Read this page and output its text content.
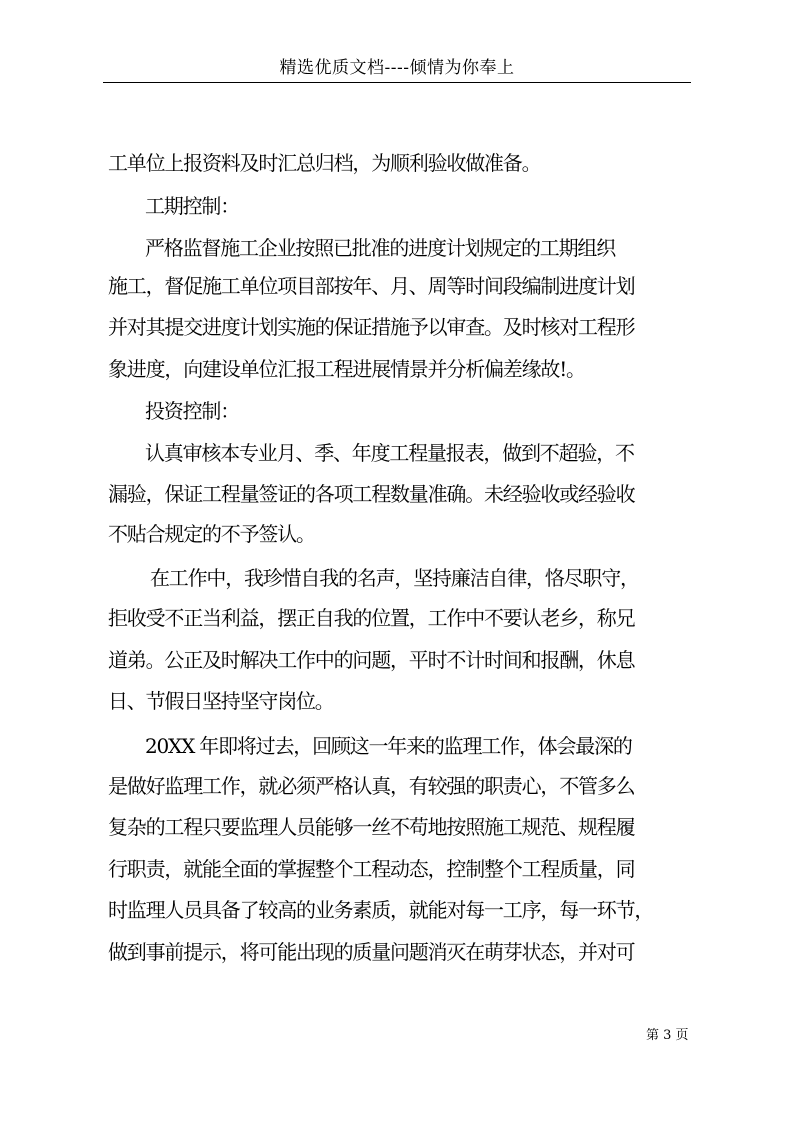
精选优质文档----倾情为你奉上
工单位上报资料及时汇总归档，为顺利验收做准备。
工期控制：
严格监督施工企业按照已批准的进度计划规定的工期组织
施工，督促施工单位项目部按年、月、周等时间段编制进度计划
并对其提交进度计划实施的保证措施予以审查。及时核对工程形
象进度，向建设单位汇报工程进展情景并分析偏差缘故!。
投资控制：
认真审核本专业月、季、年度工程量报表，做到不超验，不
漏验，保证工程量签证的各项工程数量准确。未经验收或经验收
不贴合规定的不予签认。
在工作中，我珍惜自我的名声，坚持廉洁自律，恪尽职守，
拒收受不正当利益，摆正自我的位置，工作中不要认老乡，称兄
道弟。公正及时解决工作中的问题，平时不计时间和报酬，休息
日、节假日坚持坚守岗位。
20XX 年即将过去，回顾这一年来的监理工作，体会最深的
是做好监理工作，就必须严格认真，有较强的职责心，不管多么
复杂的工程只要监理人员能够一丝不苟地按照施工规范、规程履
行职责，就能全面的掌握整个工程动态，控制整个工程质量，同
时监理人员具备了较高的业务素质，就能对每一工序，每一环节，
做到事前提示，将可能出现的质量问题消灭在萌芽状态，并对可
第 3 页
